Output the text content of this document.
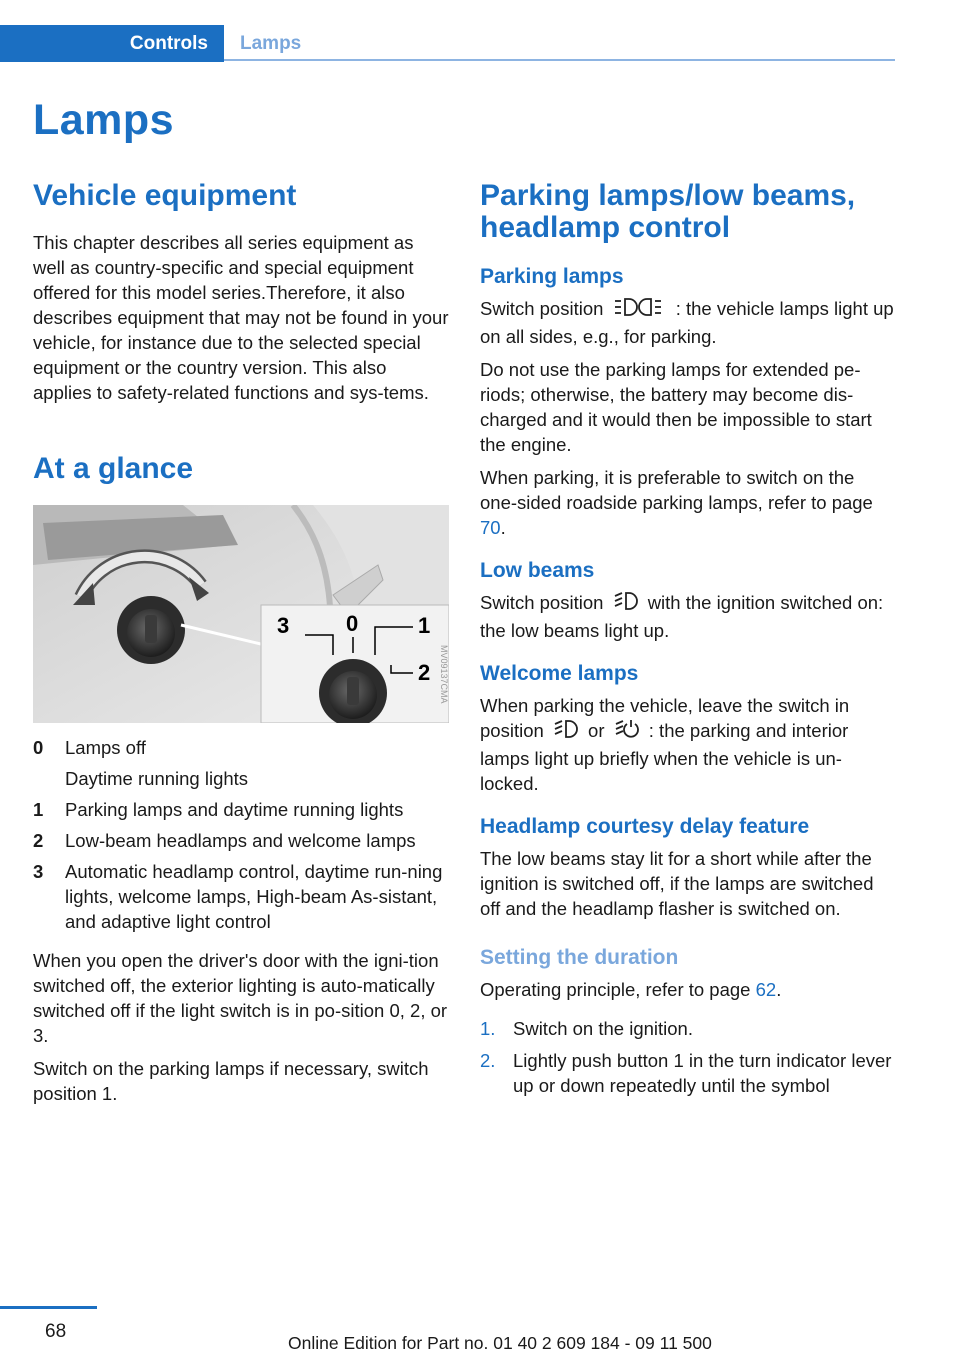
Controls	Lamps
Lamps
Vehicle equipment

This chapter describes all series equipment as well as country-specific and special equipment offered for this model series.Therefore, it also describes equipment that may not be found in your vehicle, for instance due to the selected special equipment or the country version. This also applies to safety-related functions and sys-tems.

At a glance
3	0	1
2 MV09137CMA
0	Lamps off
Daytime running lights
1	Parking lamps and daytime running lights
2	Low-beam headlamps and welcome lamps
3	Automatic headlamp control, daytime run-ning lights, welcome lamps, High-beam As-sistant, and adaptive light control

When you open the driver's door with the igni-tion switched off, the exterior lighting is auto-matically switched off if the light switch is in po-sition 0, 2, or 3.

Switch on the parking lamps if necessary, switch position 1.

Parking lamps/low beams, headlamp control
Parking lamps

Switch position	: the vehicle lamps light up on all sides, e.g., for parking.

Do not use the parking lamps for extended pe-riods; otherwise, the battery may become dis-charged and it would then be impossible to start the engine.

When parking, it is preferable to switch on the one-sided roadside parking lamps, refer to page 70.

Low beams

Switch position with the ignition switched on: the low beams light up.

Welcome lamps

When parking the vehicle, leave the switch in position or : the parking and interior lamps light up briefly when the vehicle is un-locked.

Headlamp courtesy delay feature

The low beams stay lit for a short while after the ignition is switched off, if the lamps are switched off and the headlamp flasher is switched on.

Setting the duration

Operating principle, refer to page 62.

1. Switch on the ignition.
2. Lightly push button 1 in the turn indicator lever up or down repeatedly until the symbol
68
Online Edition for Part no. 01 40 2 609 184 - 09 11 500
